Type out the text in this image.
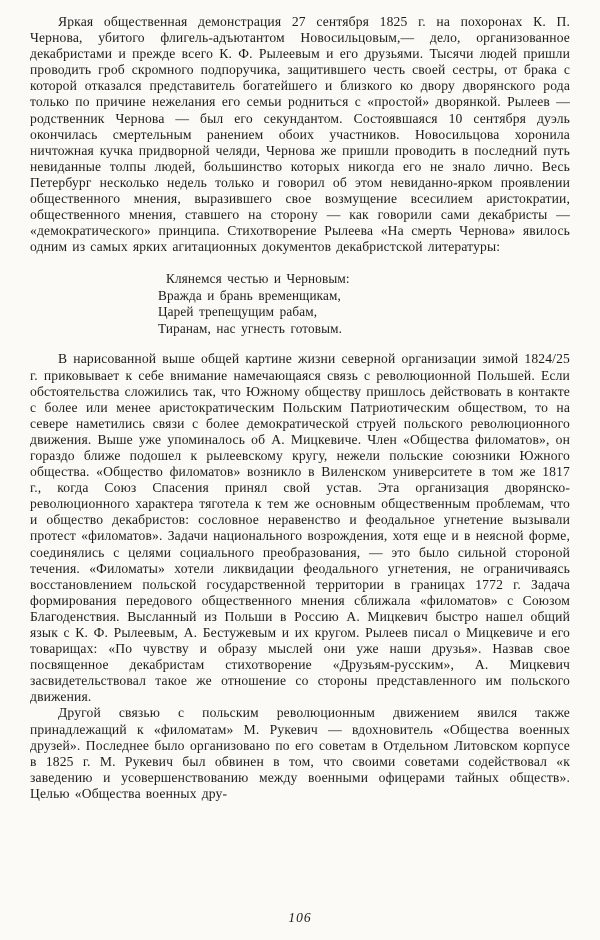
Яркая общественная демонстрация 27 сентября 1825 г. на похоронах К. П. Чернова, убитого флигель-адъютантом Новосильцовым,— дело, организованное декабристами и прежде всего К. Ф. Рылеевым и его друзьями. Тысячи людей пришли проводить гроб скромного подпоручика, защитившего честь своей сестры, от брака с которой отказался представитель богатейшего и близкого ко двору дворянского рода только по причине нежелания его семьи родниться с «простой» дворянкой. Рылеев — родственник Чернова — был его секундантом. Состоявшаяся 10 сентября дуэль окончилась смертельным ранением обоих участников. Новосильцова хоронила ничтожная кучка придворной челяди, Чернова же пришли проводить в последний путь невиданные толпы людей, большинство которых никогда его не знало лично. Весь Петербург несколько недель только и говорил об этом невиданно-ярком проявлении общественного мнения, выразившего свое возмущение всесилием аристократии, общественного мнения, ставшего на сторону — как говорили сами декабристы — «демократического» принципа. Стихотворение Рылеева «На смерть Чернова» явилось одним из самых ярких агитационных документов декабристской литературы:

Клянемся честью и Черновым:
Вражда и брань временщикам,
Царей трепещущим рабам,
Тиранам, нас угнесть готовым.

В нарисованной выше общей картине жизни северной организации зимой 1824/25 г. приковывает к себе внимание намечающаяся связь с революционной Польшей. Если обстоятельства сложились так, что Южному обществу пришлось действовать в контакте с более или менее аристократическим Польским Патриотическим обществом, то на севере наметились связи с более демократической струей польского революционного движения. Выше уже упоминалось об А. Мицкевиче. Член «Общества филоматов», он гораздо ближе подошел к рылеевскому кругу, нежели польские союзники Южного общества. «Общество филоматов» возникло в Виленском университете в том же 1817 г., когда Союз Спасения принял свой устав. Эта организация дворянско-революционного характера тяготела к тем же основным общественным проблемам, что и общество декабристов: сословное неравенство и феодальное угнетение вызывали протест «филоматов». Задачи национального возрождения, хотя еще и в неясной форме, соединялись с целями социального преобразования, — это было сильной стороной течения. «Филоматы» хотели ликвидации феодального угнетения, не ограничиваясь восстановлением польской государственной территории в границах 1772 г. Задача формирования передового общественного мнения сближала «филоматов» с Союзом Благоденствия. Высланный из Польши в Россию А. Мицкевич быстро нашел общий язык с К. Ф. Рылеевым, А. Бестужевым и их кругом. Рылеев писал о Мицкевиче и его товарищах: «По чувству и образу мыслей они уже наши друзья». Назвав свое посвященное декабристам стихотворение «Друзьям-русским», А. Мицкевич засвидетельствовал такое же отношение со стороны представленного им польского движения.

Другой связью с польским революционным движением явился также принадлежащий к «филоматам» М. Рукевич — вдохновитель «Общества военных друзей». Последнее было организовано по его советам в Отдельном Литовском корпусе в 1825 г. М. Рукевич был обвинен в том, что своими советами содействовал «к заведению и усовершенствованию между военными офицерами тайных обществ». Целью «Общества военных дру-

106
